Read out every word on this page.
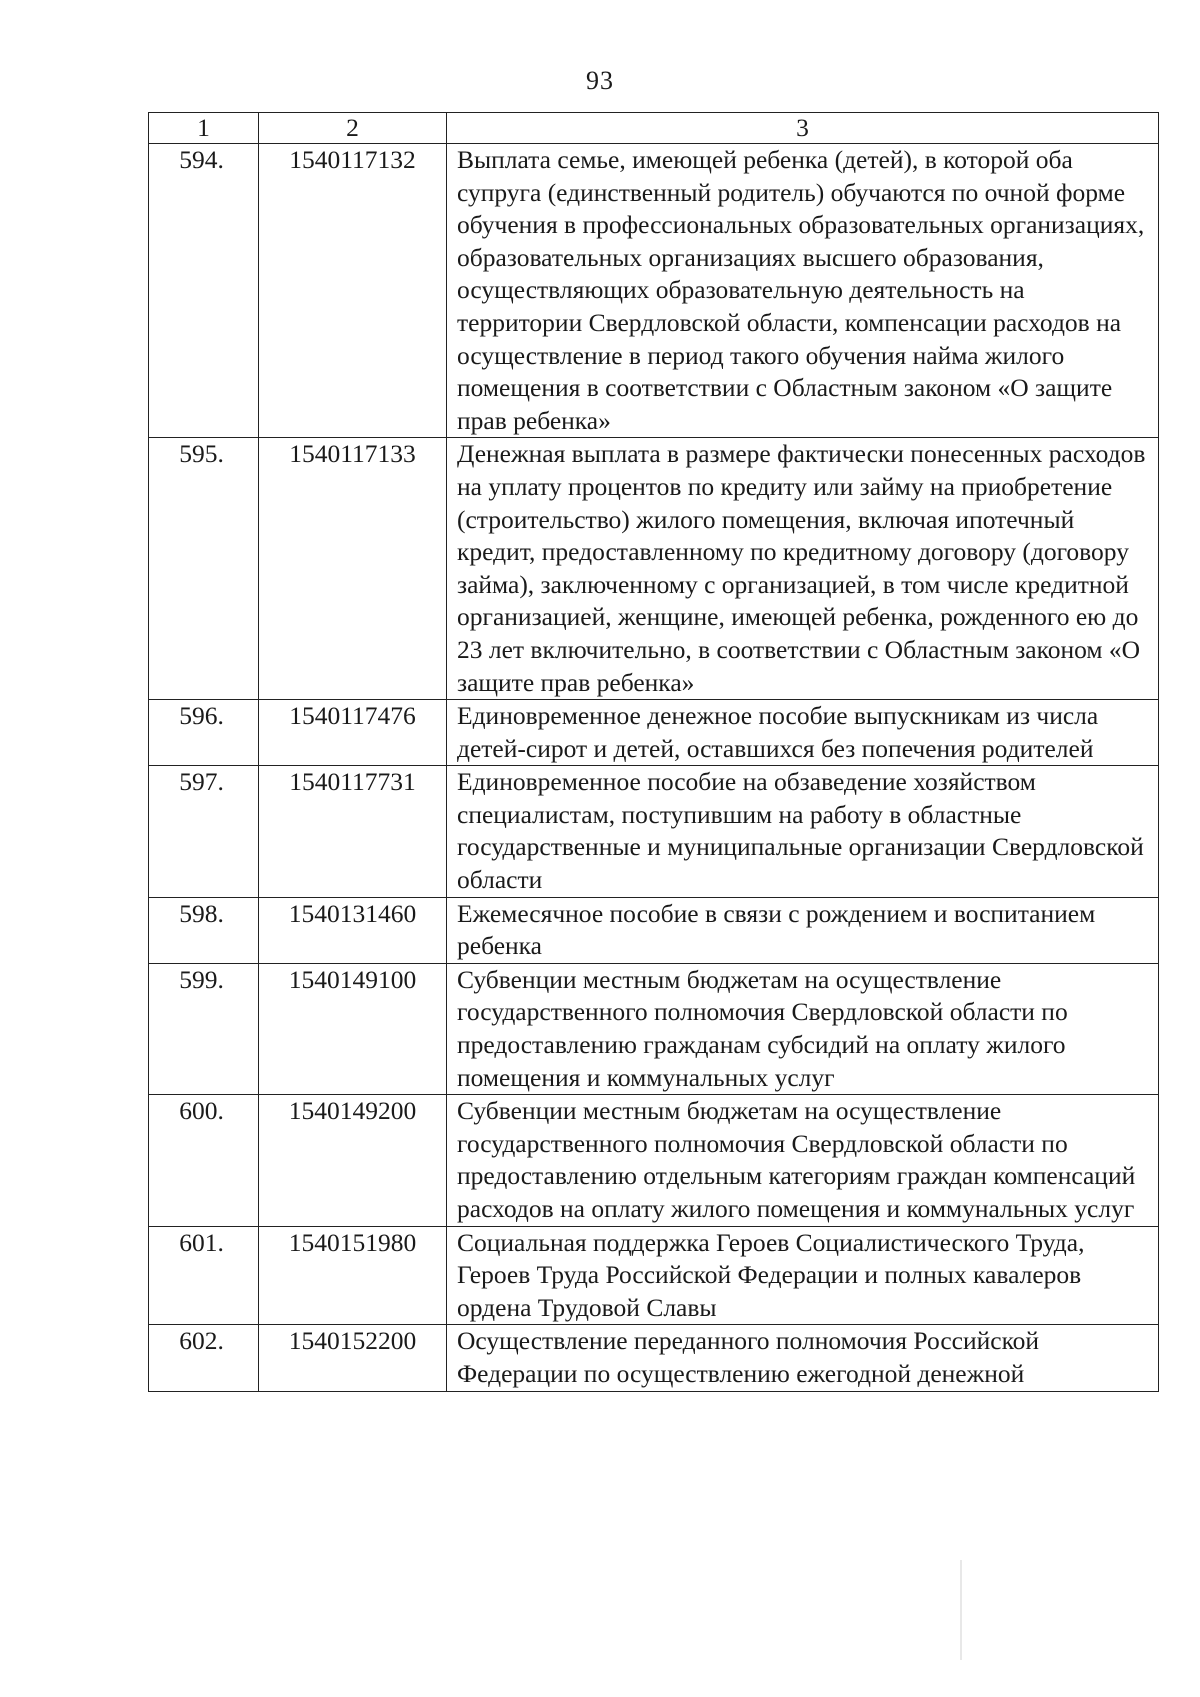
93
1	2	3
594.	1540117132	Выплата семье, имеющей ребенка (детей), в которой оба супруга (единственный родитель) обучаются по очной форме обучения в профессиональных образовательных организациях, образовательных организациях высшего образования, осуществляющих образовательную деятельность на территории Свердловской области, компенсации расходов на осуществление в период такого обучения найма жилого помещения в соответствии с Областным законом «О защите прав ребенка»
595.	1540117133	Денежная выплата в размере фактически понесенных расходов на уплату процентов по кредиту или займу на приобретение (строительство) жилого помещения, включая ипотечный кредит, предоставленному по кредитному договору (договору займа), заключенному с организацией, в том числе кредитной организацией, женщине, имеющей ребенка, рожденного ею до 23 лет включительно, в соответствии с Областным законом «О защите прав ребенка»
596.	1540117476	Единовременное денежное пособие выпускникам из числа детей-сирот и детей, оставшихся без попечения родителей
597.	1540117731	Единовременное пособие на обзаведение хозяйством специалистам, поступившим на работу в областные государственные и муниципальные организации Свердловской области
598.	1540131460	Ежемесячное пособие в связи с рождением и воспитанием ребенка
599.	1540149100	Субвенции местным бюджетам на осуществление государственного полномочия Свердловской области по предоставлению гражданам субсидий на оплату жилого помещения и коммунальных услуг
600.	1540149200	Субвенции местным бюджетам на осуществление государственного полномочия Свердловской области по предоставлению отдельным категориям граждан компенсаций расходов на оплату жилого помещения и коммунальных услуг
601.	1540151980	Социальная поддержка Героев Социалистического Труда, Героев Труда Российской Федерации и полных кавалеров ордена Трудовой Славы
602.	1540152200	Осуществление переданного полномочия Российской Федерации по осуществлению ежегодной денежной
